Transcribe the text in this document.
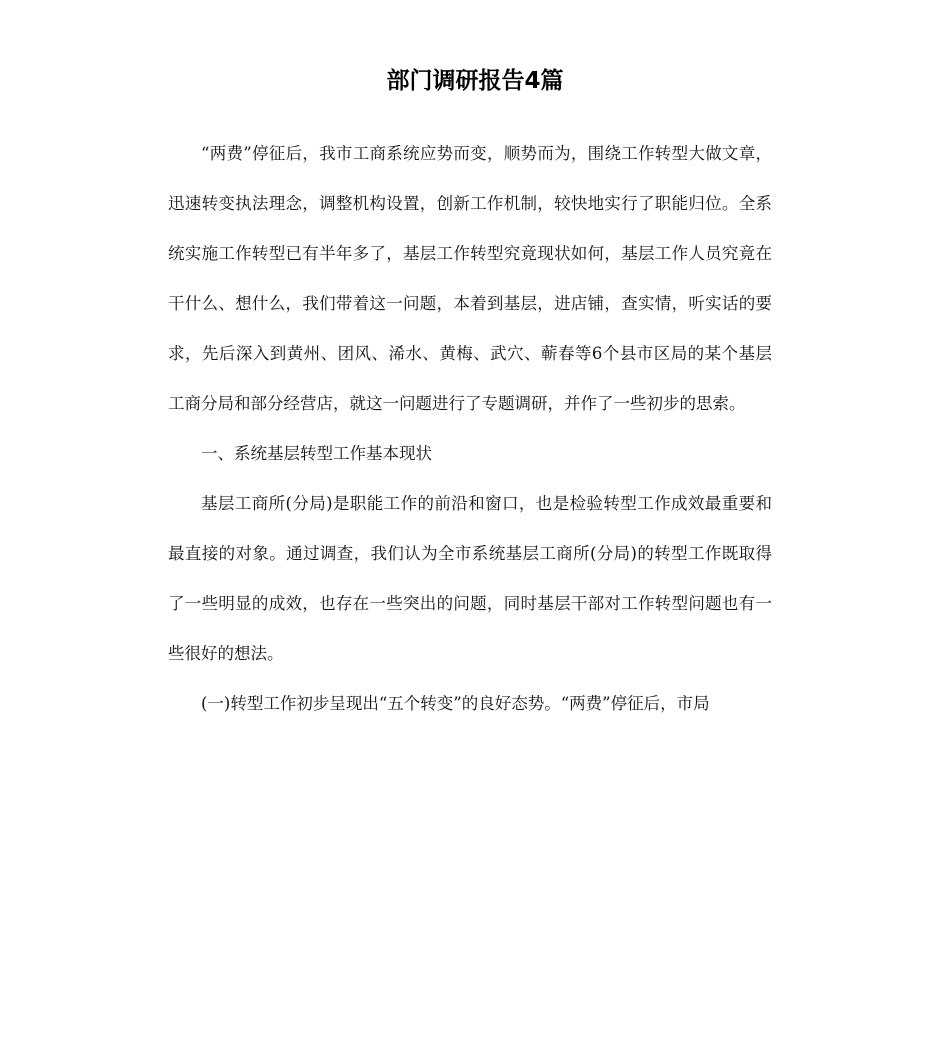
部门调研报告4篇

“两费”停征后，我市工商系统应势而变，顺势而为，围绕工作转型大做文章，迅速转变执法理念，调整机构设置，创新工作机制，较快地实行了职能归位。全系统实施工作转型已有半年多了，基层工作转型究竟现状如何，基层工作人员究竟在干什么、想什么，我们带着这一问题，本着到基层，进店铺，查实情，听实话的要求，先后深入到黄州、团风、浠水、黄梅、武穴、蕲春等6个县市区局的某个基层工商分局和部分经营店，就这一问题进行了专题调研，并作了一些初步的思索。

一、系统基层转型工作基本现状

基层工商所(分局)是职能工作的前沿和窗口，也是检验转型工作成效最重要和最直接的对象。通过调查，我们认为全市系统基层工商所(分局)的转型工作既取得了一些明显的成效，也存在一些突出的问题，同时基层干部对工作转型问题也有一些很好的想法。

(一)转型工作初步呈现出“五个转变”的良好态势。“两费”停征后，市局
